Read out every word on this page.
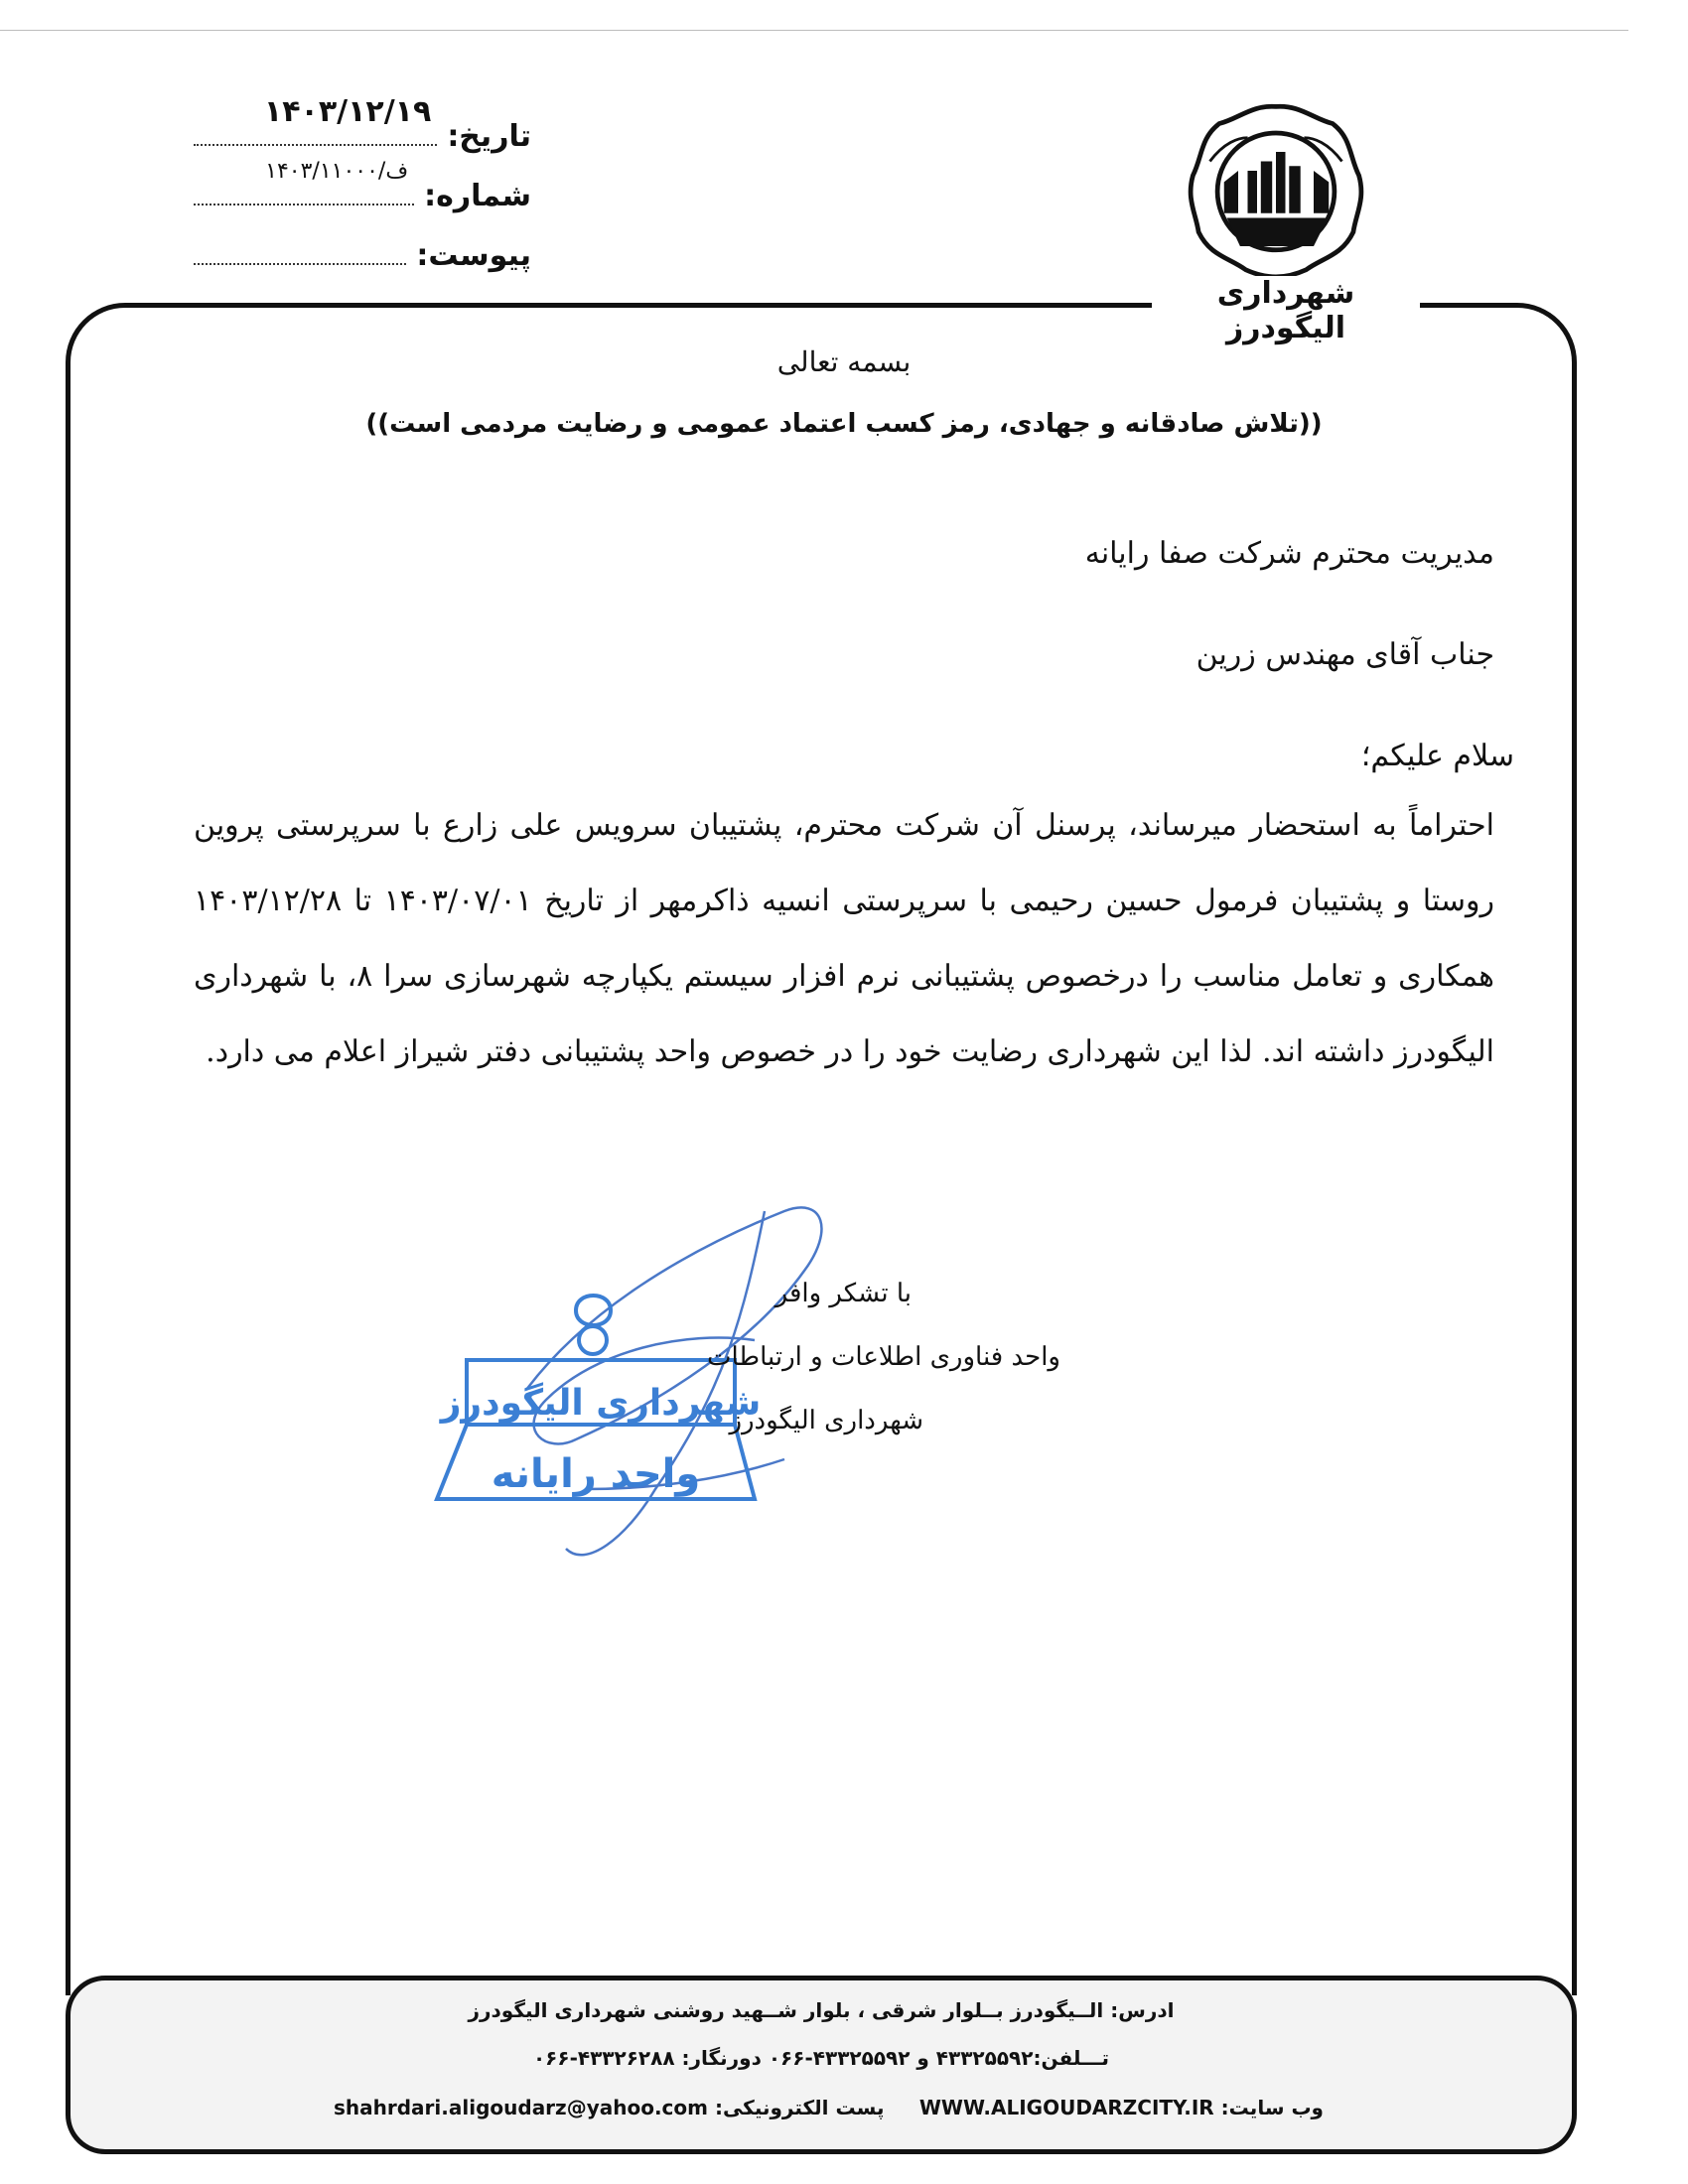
تاریخ:
۱۴۰۳/۱۲/۱۹
شماره:
۱۴۰۳/ف/۱۱۰۰۰
پیوست:
شهرداری الیگودرز
بسمه تعالی
((تلاش صادقانه و جهادی، رمز کسب اعتماد عمومی و رضایت مردمی است))

مدیریت محترم شرکت صفا رایانه

جناب آقای مهندس زرین

سلام علیکم؛

احتراماً به استحضار میرساند، پرسنل آن شرکت محترم، پشتیبان سرویس علی زارع با سرپرستی پروین روستا و پشتیبان فرمول حسین رحیمی با سرپرستی انسیه ذاکرمهر از تاریخ ۱۴۰۳/۰۷/۰۱ تا ۱۴۰۳/۱۲/۲۸ همکاری و تعامل مناسب را درخصوص پشتیبانی نرم افزار سیستم یکپارچه شهرسازی سرا ۸، با شهرداری الیگودرز داشته اند. لذا این شهرداری رضایت خود را در خصوص واحد پشتیبانی دفتر شیراز اعلام می دارد.

شهرداری الیگودرز
واحد رایانه
با تشکر وافر
واحد فناوری اطلاعات و ارتباطات
شهرداری الیگودرز
ادرس: الــیگودرز بــلوار شرقی ، بلوار شــهید روشنی شهرداری الیگودرز
تـــلفن:۴۳۳۲۵۵۹۲ و ۴۳۳۲۵۵۹۲-۰۶۶ دورنگار: ۴۳۳۲۶۲۸۸-۰۶۶
وب سایت: WWW.ALIGOUDARZCITY.IR
پست الکترونیکی: shahrdari.aligoudarz@yahoo.com
